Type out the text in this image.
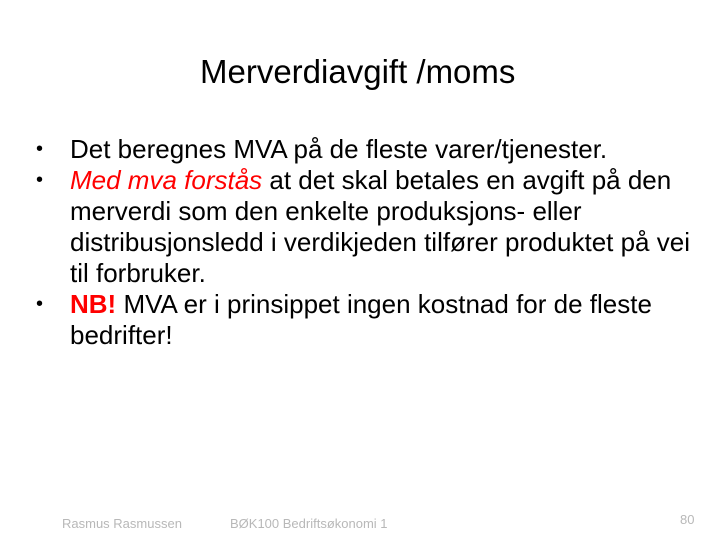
Merverdiavgift /moms
• Det beregnes MVA på de fleste varer/tjenester.
• Med mva forstås at det skal betales en avgift på den merverdi som den enkelte produksjons- eller distribusjonsledd i verdikjeden tilfører produktet på vei til forbruker.
• NB! MVA er i prinsippet ingen kostnad for de fleste bedrifter!
Rasmus Rasmussen	BØK100 Bedriftsøkonomi 1	80
